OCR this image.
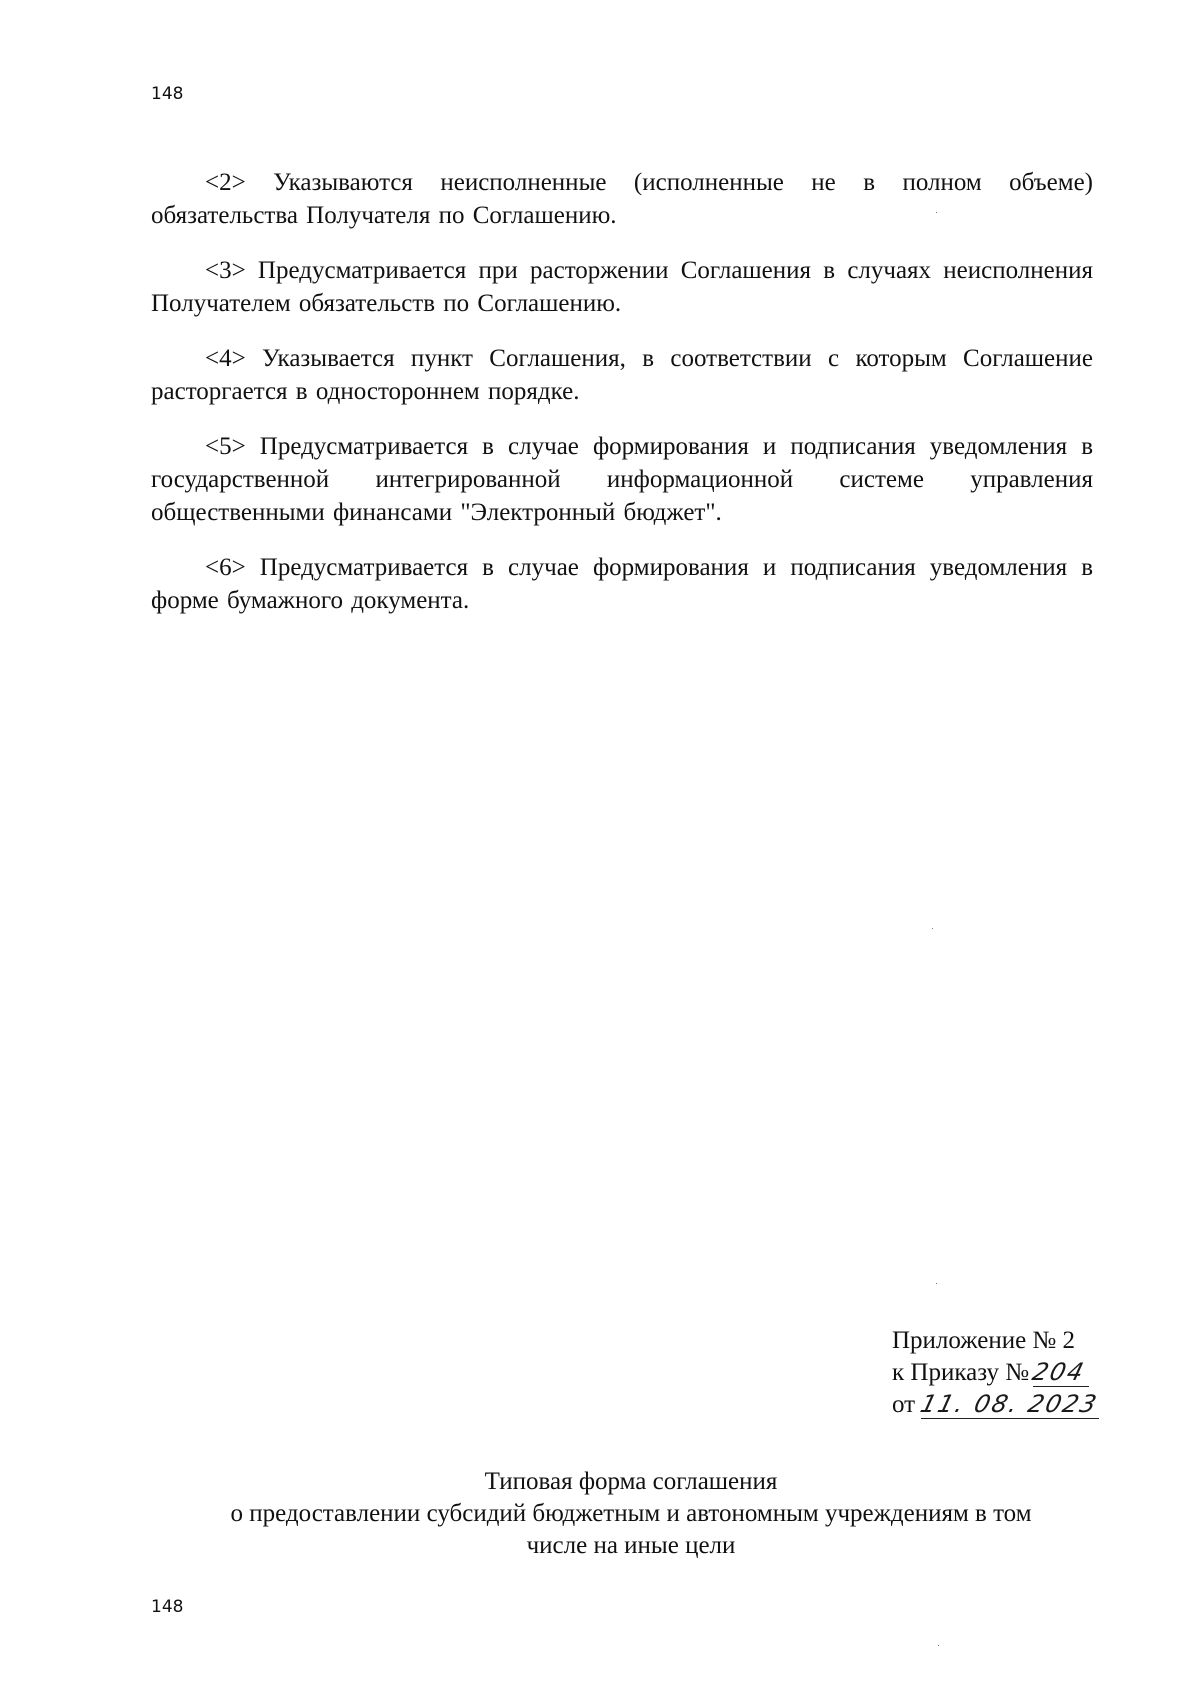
148

<2> Указываются неисполненные (исполненные не в полном объеме) обязательства Получателя по Соглашению.

<3> Предусматривается при расторжении Соглашения в случаях неисполнения Получателем обязательств по Соглашению.

<4> Указывается пункт Соглашения, в соответствии с которым Соглашение расторгается в одностороннем порядке.

<5> Предусматривается в случае формирования и подписания уведомления в государственной интегрированной информационной системе управления общественными финансами "Электронный бюджет".

<6> Предусматривается в случае формирования и подписания уведомления в форме бумажного документа.

Приложение № 2
к Приказу №204
от 11. 08. 2023
Типовая форма соглашения
о предоставлении субсидий бюджетным и автономным учреждениям в том
числе на иные цели
148
